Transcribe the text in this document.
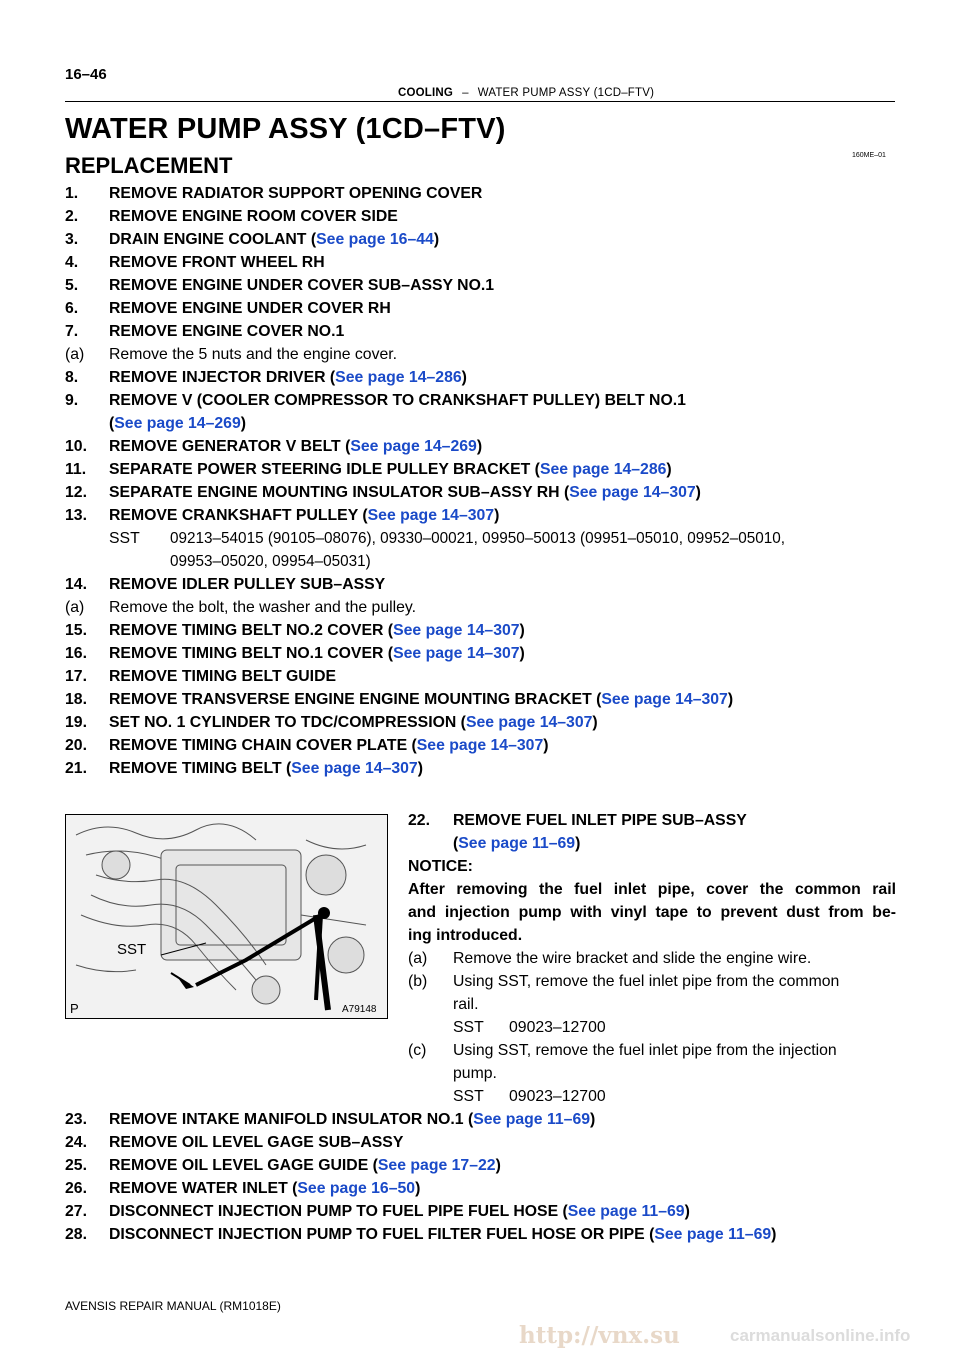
16–46
COOLING – WATER PUMP ASSY (1CD–FTV)
WATER PUMP ASSY (1CD–FTV)
160ME–01
REPLACEMENT
1. REMOVE RADIATOR SUPPORT OPENING COVER
2. REMOVE ENGINE ROOM COVER SIDE
3. DRAIN ENGINE COOLANT (See page 16–44)
4. REMOVE FRONT WHEEL RH
5. REMOVE ENGINE UNDER COVER SUB–ASSY NO.1
6. REMOVE ENGINE UNDER COVER RH
7. REMOVE ENGINE COVER NO.1
(a) Remove the 5 nuts and the engine cover.
8. REMOVE INJECTOR DRIVER (See page 14–286)
9. REMOVE V (COOLER COMPRESSOR TO CRANKSHAFT PULLEY) BELT NO.1
(See page 14–269)
10. REMOVE GENERATOR V BELT (See page 14–269)
11. SEPARATE POWER STEERING IDLE PULLEY BRACKET (See page 14–286)
12. SEPARATE ENGINE MOUNTING INSULATOR SUB–ASSY RH (See page 14–307)
13. REMOVE CRANKSHAFT PULLEY (See page 14–307)
SST 09213–54015 (90105–08076), 09330–00021, 09950–50013 (09951–05010, 09952–05010,
09953–05020, 09954–05031)
14. REMOVE IDLER PULLEY SUB–ASSY
(a) Remove the bolt, the washer and the pulley.
15. REMOVE TIMING BELT NO.2 COVER (See page 14–307)
16. REMOVE TIMING BELT NO.1 COVER (See page 14–307)
17. REMOVE TIMING BELT GUIDE
18. REMOVE TRANSVERSE ENGINE ENGINE MOUNTING BRACKET (See page 14–307)
19. SET NO. 1 CYLINDER TO TDC/COMPRESSION (See page 14–307)
20. REMOVE TIMING CHAIN COVER PLATE (See page 14–307)
21. REMOVE TIMING BELT (See page 14–307)
SST
P	A79148
22. REMOVE FUEL INLET PIPE SUB–ASSY
(See page 11–69)
NOTICE:
After removing the fuel inlet pipe, cover the common rail
and injection pump with vinyl tape to prevent dust from be-
ing introduced.
(a) Remove the wire bracket and slide the engine wire.
(b) Using SST, remove the fuel inlet pipe from the common
rail.
SST 09023–12700
(c) Using SST, remove the fuel inlet pipe from the injection
pump.
SST 09023–12700
23. REMOVE INTAKE MANIFOLD INSULATOR NO.1 (See page 11–69)
24. REMOVE OIL LEVEL GAGE SUB–ASSY
25. REMOVE OIL LEVEL GAGE GUIDE (See page 17–22)
26. REMOVE WATER INLET (See page 16–50)
27. DISCONNECT INJECTION PUMP TO FUEL PIPE FUEL HOSE (See page 11–69)
28. DISCONNECT INJECTION PUMP TO FUEL FILTER FUEL HOSE OR PIPE (See page 11–69)
AVENSIS REPAIR MANUAL (RM1018E)
http://vnx.su	carmanualsonline.info
